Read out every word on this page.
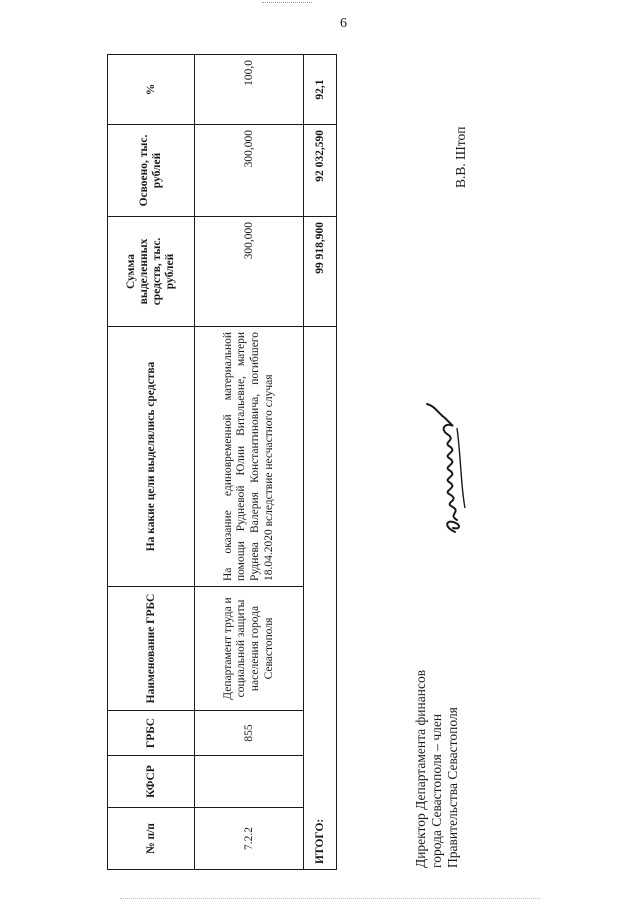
6
№ п/п	КФСР	ГРБС	Наименование ГРБС	На какие цели выделялись средства	Сумма выделенных средств, тыс. рублей	Освоено, тыс. рублей	%
7.2.2		855	Департамент труда и социальной защиты населения города Севастополя	На оказание единовременной материальной помощи Рудневой Юлии Витальевне, матери Руднева Валерия Константиновича, погибшего 18.04.2020 вследствие несчастного случая	300,000	300,000	100,0
ИТОГО:					99 918,900	92 032,590	92,1
Директор Департамента финансов города Севастополя – член Правительства Севастополя
В.В. Штоп
